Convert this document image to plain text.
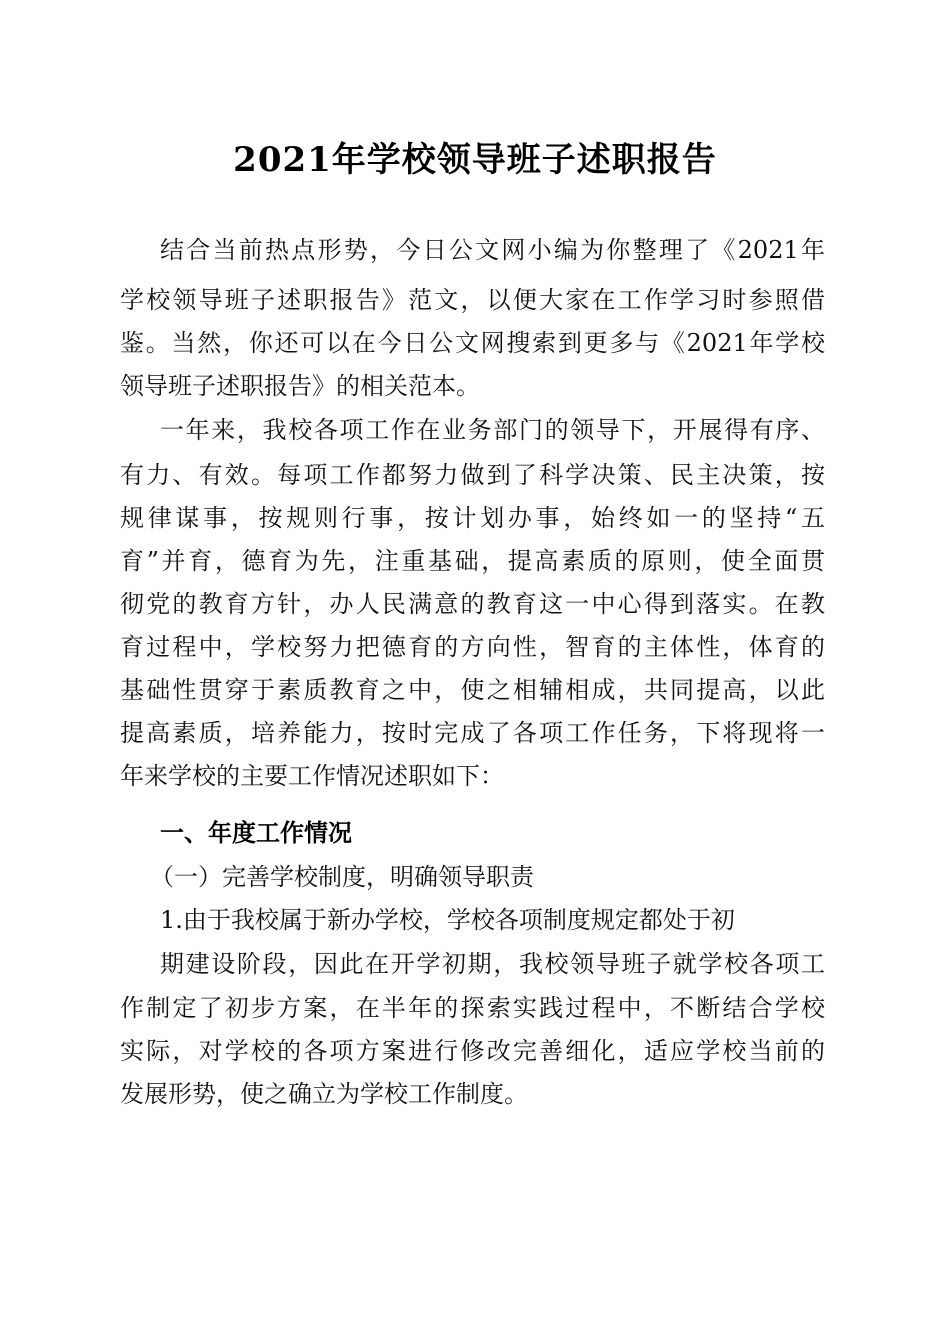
2021年学校领导班子述职报告
结合当前热点形势，今日公文网小编为你整理了《2021年
学校领导班子述职报告》范文，以便大家在工作学习时参照借
鉴。当然，你还可以在今日公文网搜索到更多与《2021年学校
领导班子述职报告》的相关范本。
一年来，我校各项工作在业务部门的领导下，开展得有序、
有力、有效。每项工作都努力做到了科学决策、民主决策，按
规律谋事，按规则行事，按计划办事，始终如一的坚持“五
育”并育，德育为先，注重基础，提高素质的原则，使全面贯
彻党的教育方针，办人民满意的教育这一中心得到落实。在教
育过程中，学校努力把德育的方向性，智育的主体性，体育的
基础性贯穿于素质教育之中，使之相辅相成，共同提高，以此
提高素质，培养能力，按时完成了各项工作任务，下将现将一
年来学校的主要工作情况述职如下：
一、年度工作情况
（一）完善学校制度，明确领导职责
1.由于我校属于新办学校，学校各项制度规定都处于初
期建设阶段，因此在开学初期，我校领导班子就学校各项工
作制定了初步方案，在半年的探索实践过程中，不断结合学校
实际，对学校的各项方案进行修改完善细化，适应学校当前的
发展形势，使之确立为学校工作制度。
